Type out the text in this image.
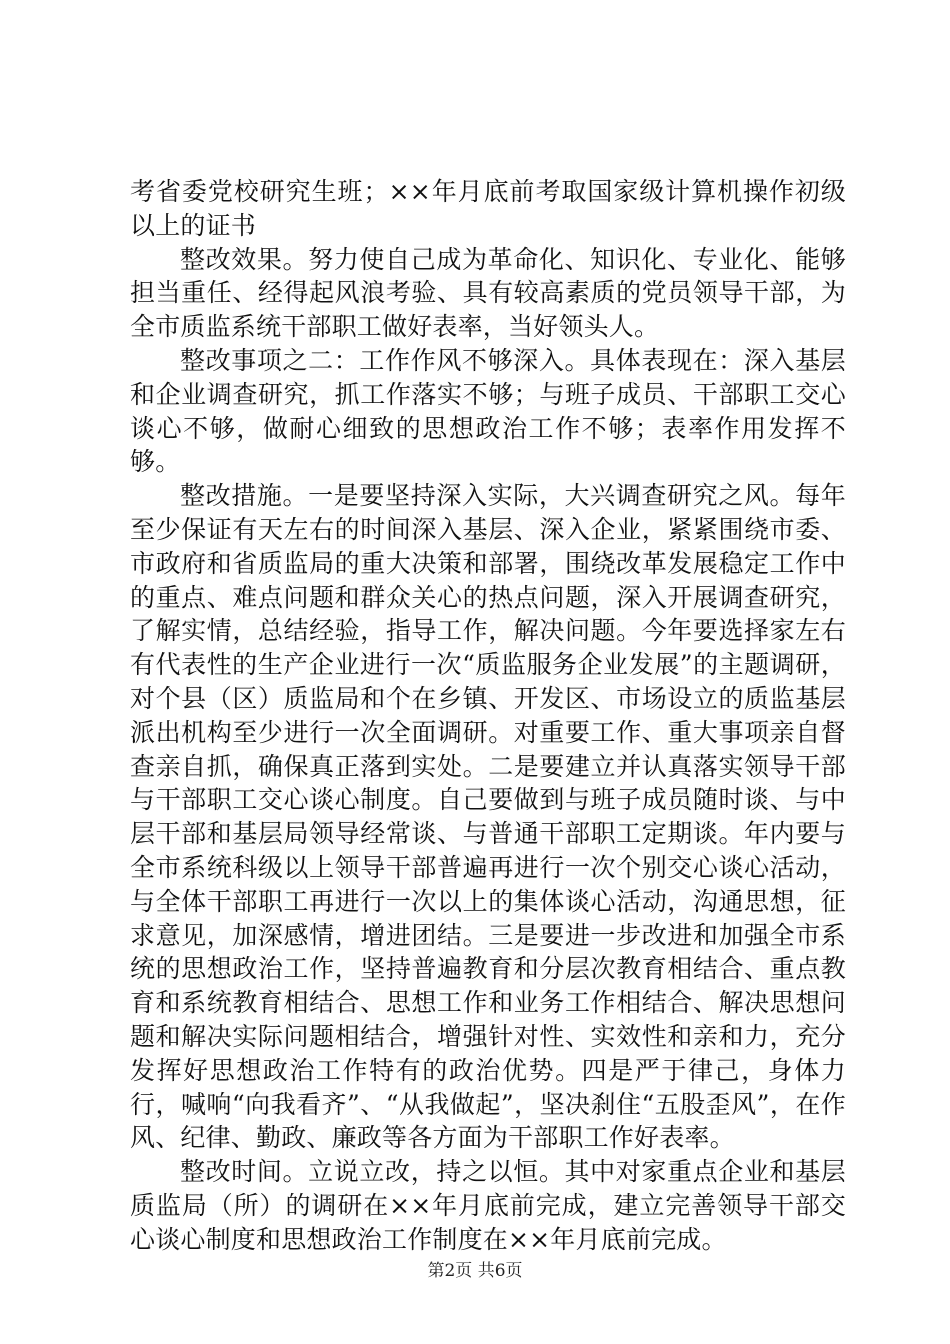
考省委党校研究生班；××年月底前考取国家级计算机操作初级以上的证书

整改效果。努力使自己成为革命化、知识化、专业化、能够担当重任、经得起风浪考验、具有较高素质的党员领导干部，为全市质监系统干部职工做好表率，当好领头人。

整改事项之二：工作作风不够深入。具体表现在：深入基层和企业调查研究，抓工作落实不够；与班子成员、干部职工交心谈心不够，做耐心细致的思想政治工作不够；表率作用发挥不够。

整改措施。一是要坚持深入实际，大兴调查研究之风。每年至少保证有天左右的时间深入基层、深入企业，紧紧围绕市委、市政府和省质监局的重大决策和部署，围绕改革发展稳定工作中的重点、难点问题和群众关心的热点问题，深入开展调查研究，了解实情，总结经验，指导工作，解决问题。今年要选择家左右有代表性的生产企业进行一次“质监服务企业发展”的主题调研，对个县（区）质监局和个在乡镇、开发区、市场设立的质监基层派出机构至少进行一次全面调研。对重要工作、重大事项亲自督查亲自抓，确保真正落到实处。二是要建立并认真落实领导干部与干部职工交心谈心制度。自己要做到与班子成员随时谈、与中层干部和基层局领导经常谈、与普通干部职工定期谈。年内要与全市系统科级以上领导干部普遍再进行一次个别交心谈心活动，与全体干部职工再进行一次以上的集体谈心活动，沟通思想，征求意见，加深感情，增进团结。三是要进一步改进和加强全市系统的思想政治工作，坚持普遍教育和分层次教育相结合、重点教育和系统教育相结合、思想工作和业务工作相结合、解决思想问题和解决实际问题相结合，增强针对性、实效性和亲和力，充分发挥好思想政治工作特有的政治优势。四是严于律己，身体力行，喊响“向我看齐”、“从我做起”，坚决刹住“五股歪风”，在作风、纪律、勤政、廉政等各方面为干部职工作好表率。

整改时间。立说立改，持之以恒。其中对家重点企业和基层质监局（所）的调研在××年月底前完成，建立完善领导干部交心谈心制度和思想政治工作制度在××年月底前完成。

第2页 共6页
